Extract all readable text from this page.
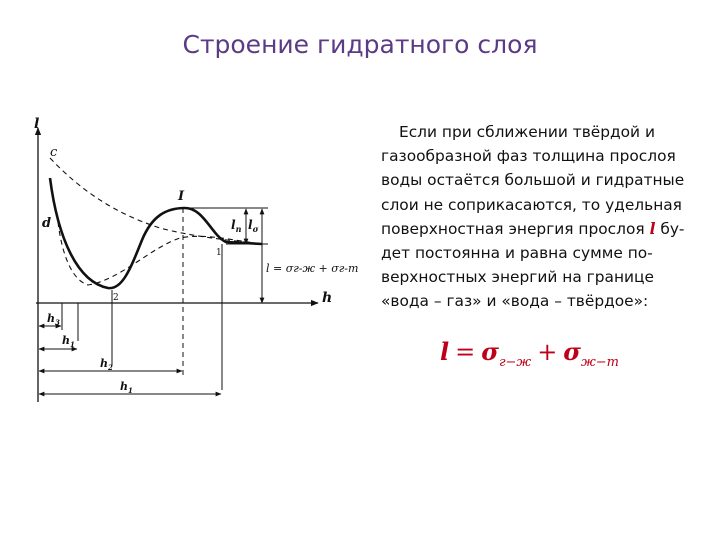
Строение гидратного слоя
l
h
c
d
I
1
2
$l_п$ $l_\sigma$
l = σг-ж + σг-т
$h_3$
$h_1$
$h_2$
$h_1$
Если при сближении твёрдой и
газообразной фаз толщина прослоя
воды остаётся большой и гидратные
слои не соприкасаются, то удельная
поверхностная энергия прослоя l бу-
дет постоянна и равна сумме по-
верхностных энергий на границе
«вода – газ» и «вода – твёрдое»:
$l = \sigma_{г-ж} + \sigma_{ж-т}$
